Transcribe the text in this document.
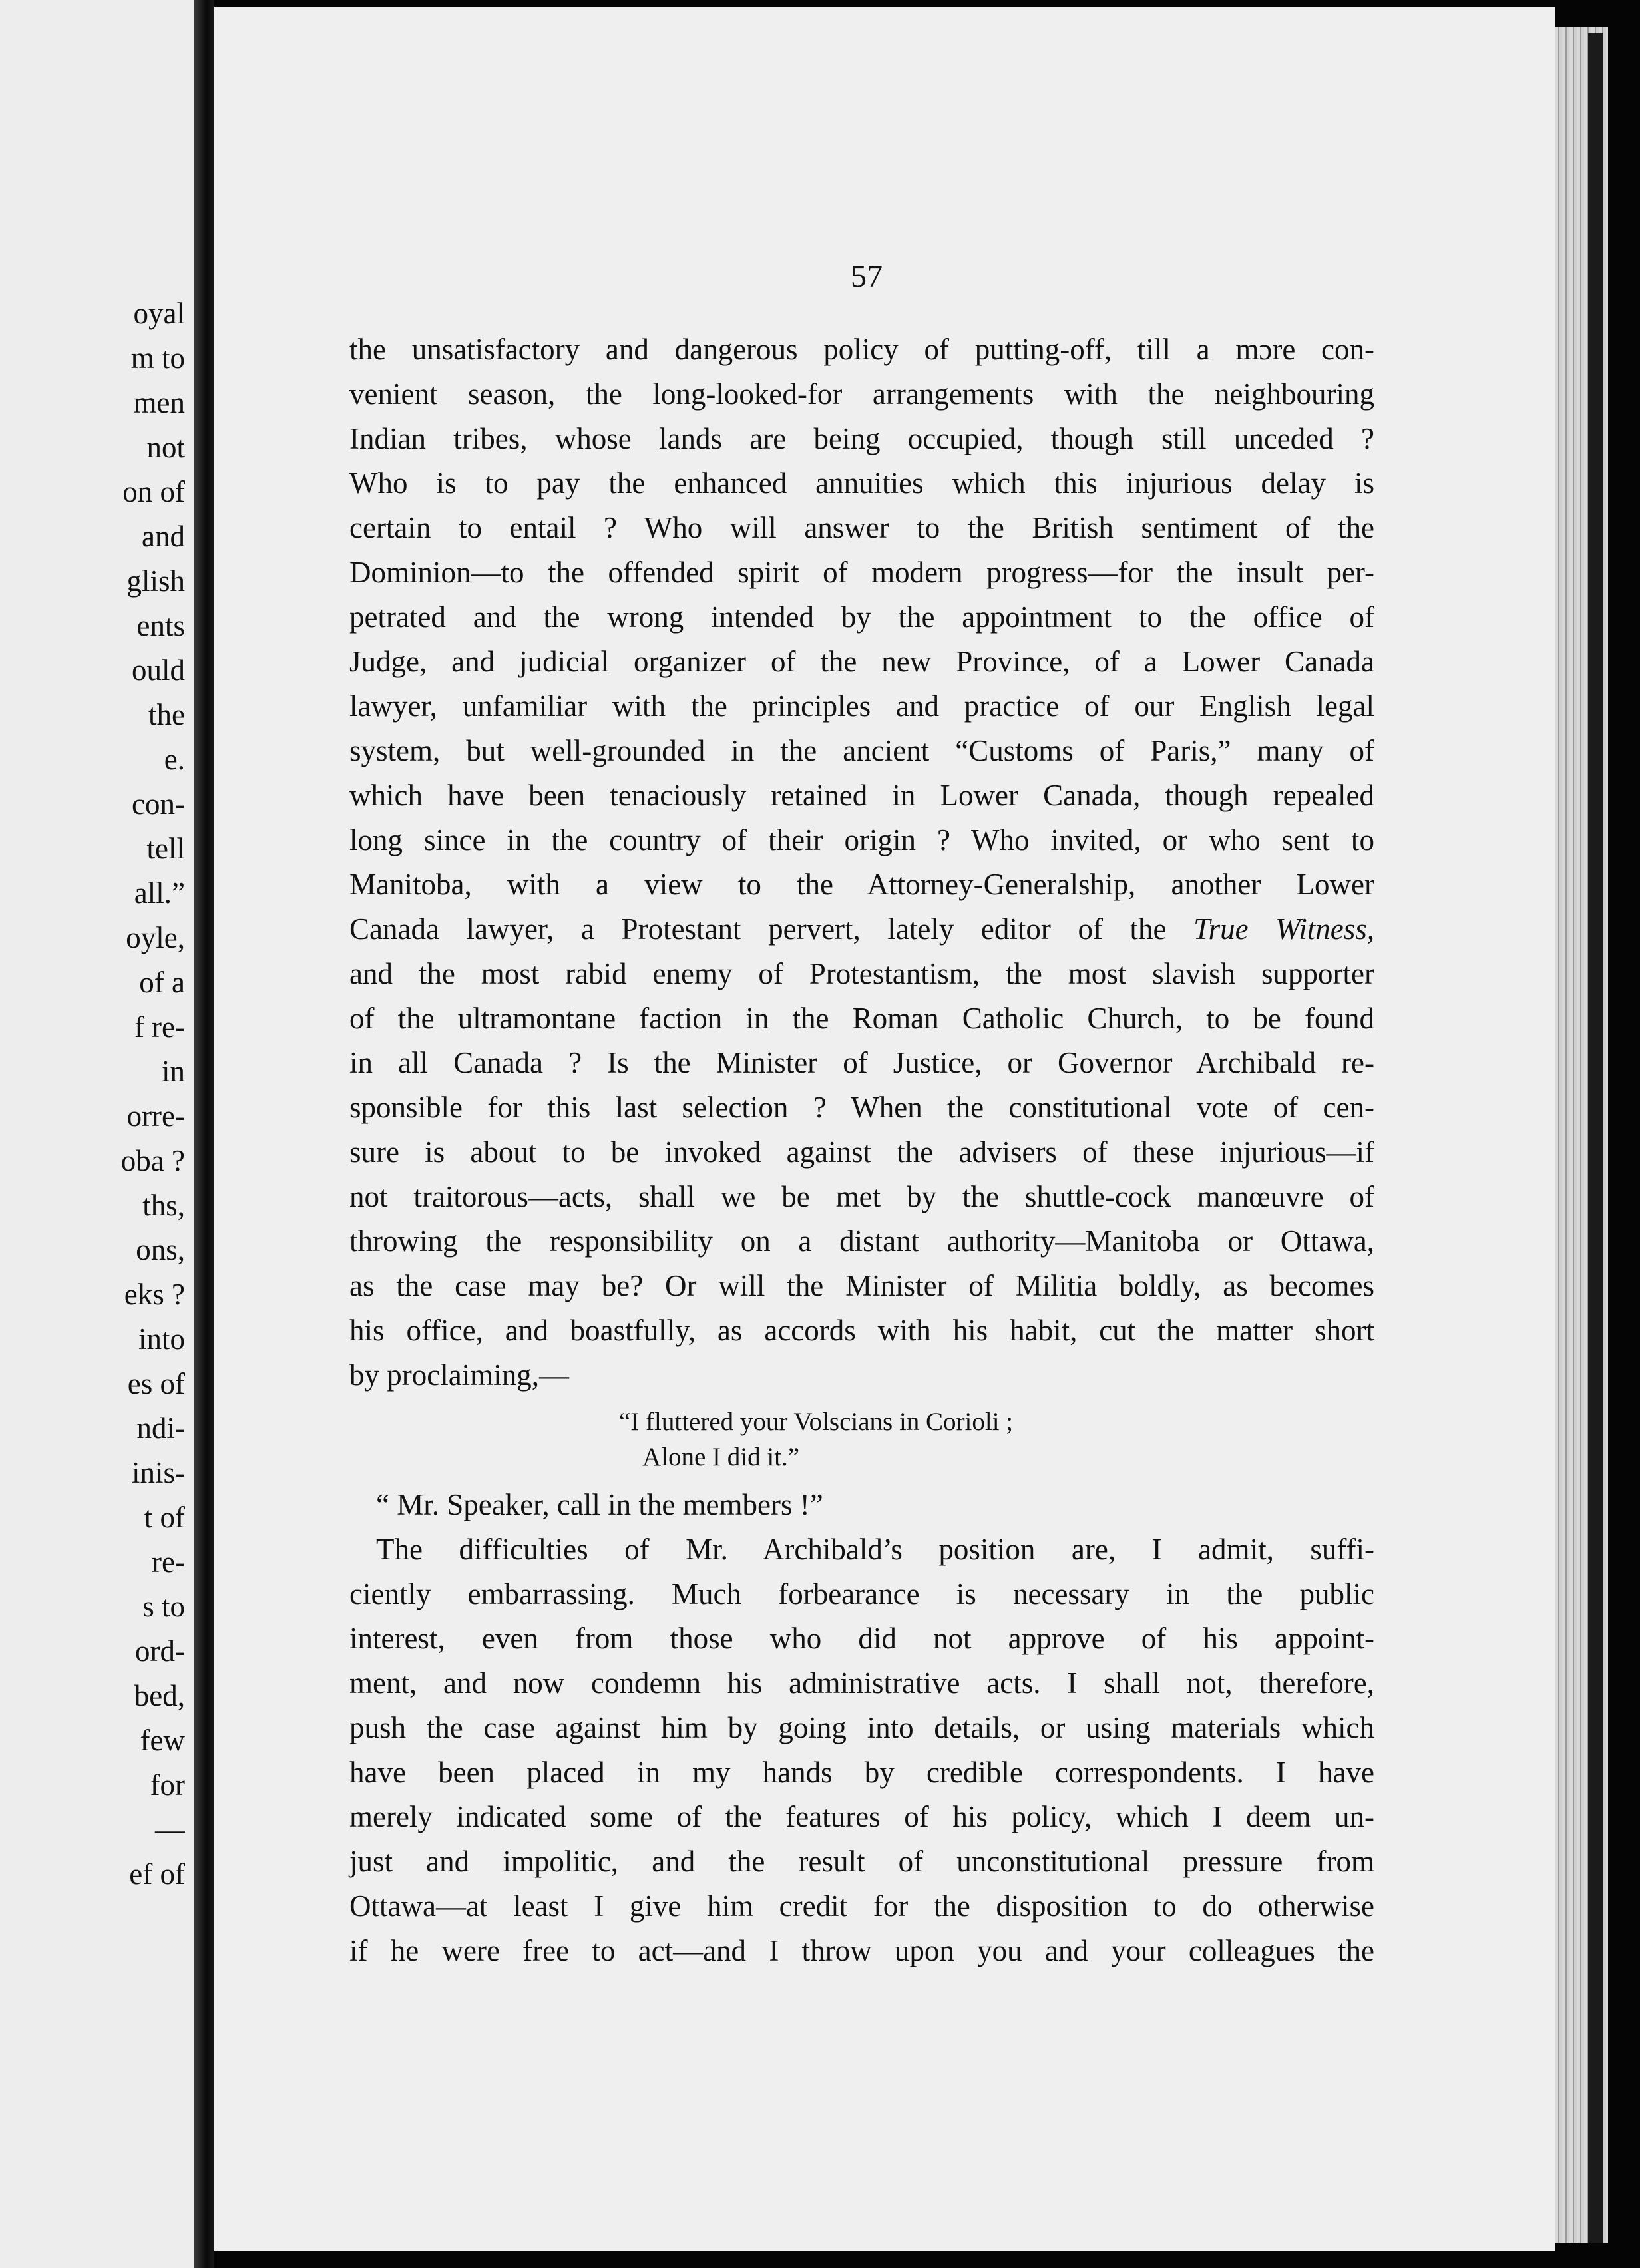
oyal
m to
men
not
on of
and
glish
ents
ould
the
e.
con-
tell
all.”
oyle,
of a
f re-
in
orre-
oba ?
ths,
ons,
eks ?
into
es of
ndi-
inis-
t of
re-
s to
ord-
bed,
few
for
—
ef of
57
the unsatisfactory and dangerous policy of putting-off, till a mɔre con-
venient season, the long-looked-for arrangements with the neighbouring
Indian tribes, whose lands are being occupied, though still unceded ?
Who is to pay the enhanced annuities which this injurious delay is
certain to entail ? Who will answer to the British sentiment of the
Dominion—to the offended spirit of modern progress—for the insult per-
petrated and the wrong intended by the appointment to the office of
Judge, and judicial organizer of the new Province, of a Lower Canada
lawyer, unfamiliar with the principles and practice of our English legal
system, but well-grounded in the ancient “Customs of Paris,” many of
which have been tenaciously retained in Lower Canada, though repealed
long since in the country of their origin ? Who invited, or who sent to
Manitoba, with a view to the Attorney-Generalship, another Lower
Canada lawyer, a Protestant pervert, lately editor of the True Witness,
and the most rabid enemy of Protestantism, the most slavish supporter
of the ultramontane faction in the Roman Catholic Church, to be found
in all Canada ? Is the Minister of Justice, or Governor Archibald re-
sponsible for this last selection ? When the constitutional vote of cen-
sure is about to be invoked against the advisers of these injurious—if
not traitorous—acts, shall we be met by the shuttle-cock manœuvre of
throwing the responsibility on a distant authority—Manitoba or Ottawa,
as the case may be? Or will the Minister of Militia boldly, as becomes
his office, and boastfully, as accords with his habit, cut the matter short
by proclaiming,—
“I fluttered your Volscians in Corioli ;
Alone I did it.”
“ Mr. Speaker, call in the members !”
The difficulties of Mr. Archibald’s position are, I admit, suffi-
ciently embarrassing. Much forbearance is necessary in the public
interest, even from those who did not approve of his appoint-
ment, and now condemn his administrative acts. I shall not, therefore,
push the case against him by going into details, or using materials which
have been placed in my hands by credible correspondents. I have
merely indicated some of the features of his policy, which I deem un-
just and impolitic, and the result of unconstitutional pressure from
Ottawa—at least I give him credit for the disposition to do otherwise
if he were free to act—and I throw upon you and your colleagues the
